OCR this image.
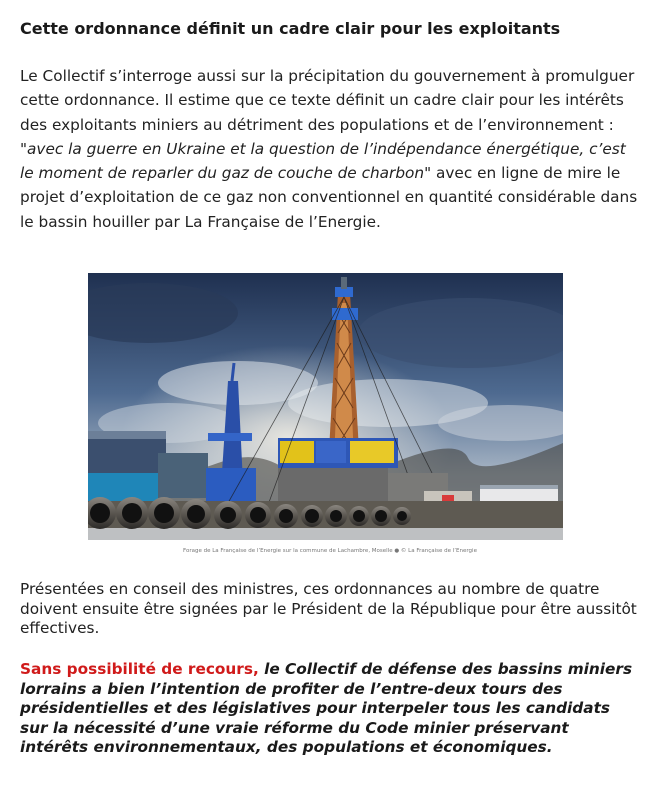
Cette ordonnance définit un cadre clair pour les exploitants

Le Collectif s’interroge aussi sur la précipitation du gouvernement à promulguer cette ordonnance. Il estime que ce texte définit un cadre clair pour les intérêts des exploitants miniers au détriment des populations et de l’environnement : "avec la guerre en Ukraine et la question de l’indépendance énergétique, c’est le moment de reparler du gaz de couche de charbon" avec en ligne de mire le projet d’exploitation de ce gaz non conventionnel en quantité considérable dans le bassin houiller par La Française de l’Energie.

Forage de La Française de l’Energie sur la commune de Lachambre, Moselle ● © La Française de l’Energie

Présentées en conseil des ministres, ces ordonnances au nombre de quatre doivent ensuite être signées par le Président de la République pour être aussitôt effectives.

Sans possibilité de recours, le Collectif de défense des bassins miniers lorrains a bien l’intention de profiter de l’entre-deux tours des présidentielles et des législatives pour interpeler tous les candidats sur la nécessité d’une vraie réforme du Code minier préservant intérêts environnementaux, des populations et économiques.
